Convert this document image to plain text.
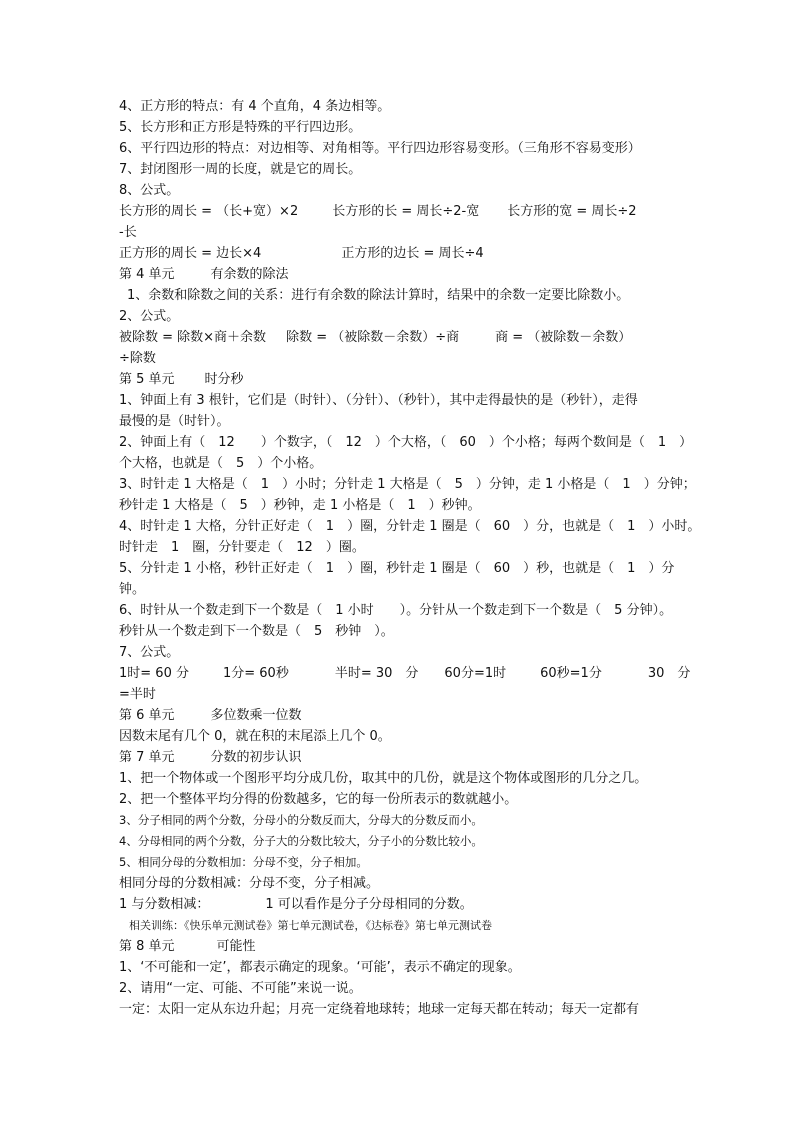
4、正方形的特点：有 4 个直角，4 条边相等。
5、长方形和正方形是特殊的平行四边形。
6、平行四边形的特点：对边相等、对角相等。平行四边形容易变形。（三角形不容易变形）
7、封闭图形一周的长度，就是它的周长。
8、公式。
长方形的周长 = （长+宽）×2	长方形的长 = 周长÷2-宽 长方形的宽 = 周长÷2
-长
正方形的周长 = 边长×4	正方形的边长 = 周长÷4
第 4 单元	有余数的除法
1、余数和除数之间的关系：进行有余数的除法计算时，结果中的余数一定要比除数小。
2、公式。
被除数 = 除数×商＋余数 除数 = （被除数－余数）÷商	商 = （被除数－余数）
÷除数
第 5 单元 时分秒
1、钟面上有 3 根针，它们是（时针）、（分针）、（秒针），其中走得最快的是（秒针），走得
最慢的是（时针）。
2、钟面上有（　12　　）个数字，（　12　）个大格，（　60　）个小格；每两个数间是（　1　）
个大格，也就是（　5　）个小格。
3、时针走 1 大格是（　1　）小时；分针走 1 大格是（　5　）分钟，走 1 小格是（　1　）分钟；
秒针走 1 大格是（　5　）秒钟，走 1 小格是（　1　）秒钟。
4、时针走 1 大格，分针正好走（　1　）圈，分针走 1 圈是（　60　）分，也就是（　1　）小时。
时针走　1　圈，分针要走（　12　）圈。
5、分针走 1 小格，秒针正好走（　1　）圈，秒针走 1 圈是（　60　）秒，也就是（　1　）分
钟。
6、时针从一个数走到下一个数是（　1 小时　　）。分针从一个数走到下一个数是（　5 分钟）。
秒针从一个数走到下一个数是（　5　秒钟　）。
7、公式。
1时= 60 分	1分= 60秒	半时= 30　分 60分=1时	60秒=1分	30　分
=半时
第 6 单元	多位数乘一位数
因数末尾有几个 0，就在积的末尾添上几个 0。
第 7 单元	分数的初步认识
1、把一个物体或一个图形平均分成几份，取其中的几份，就是这个物体或图形的几分之几。
2、把一个整体平均分得的份数越多，它的每一份所表示的数就越小。
3、分子相同的两个分数，分母小的分数反而大，分母大的分数反而小。
4、分母相同的两个分数，分子大的分数比较大，分子小的分数比较小。
5、相同分母的分数相加：分母不变，分子相加。
相同分母的分数相减：分母不变，分子相减。
1 与分数相减：	1 可以看作是分子分母相同的分数。
相关训练：《快乐单元测试卷》第七单元测试卷，《达标卷》第七单元测试卷
第 8 单元	可能性
1、‘不可能和一定’，都表示确定的现象。‘可能’，表示不确定的现象。
2、请用“一定、可能、不可能”来说一说。
一定：太阳一定从东边升起；月亮一定绕着地球转；地球一定每天都在转动；每天一定都有
